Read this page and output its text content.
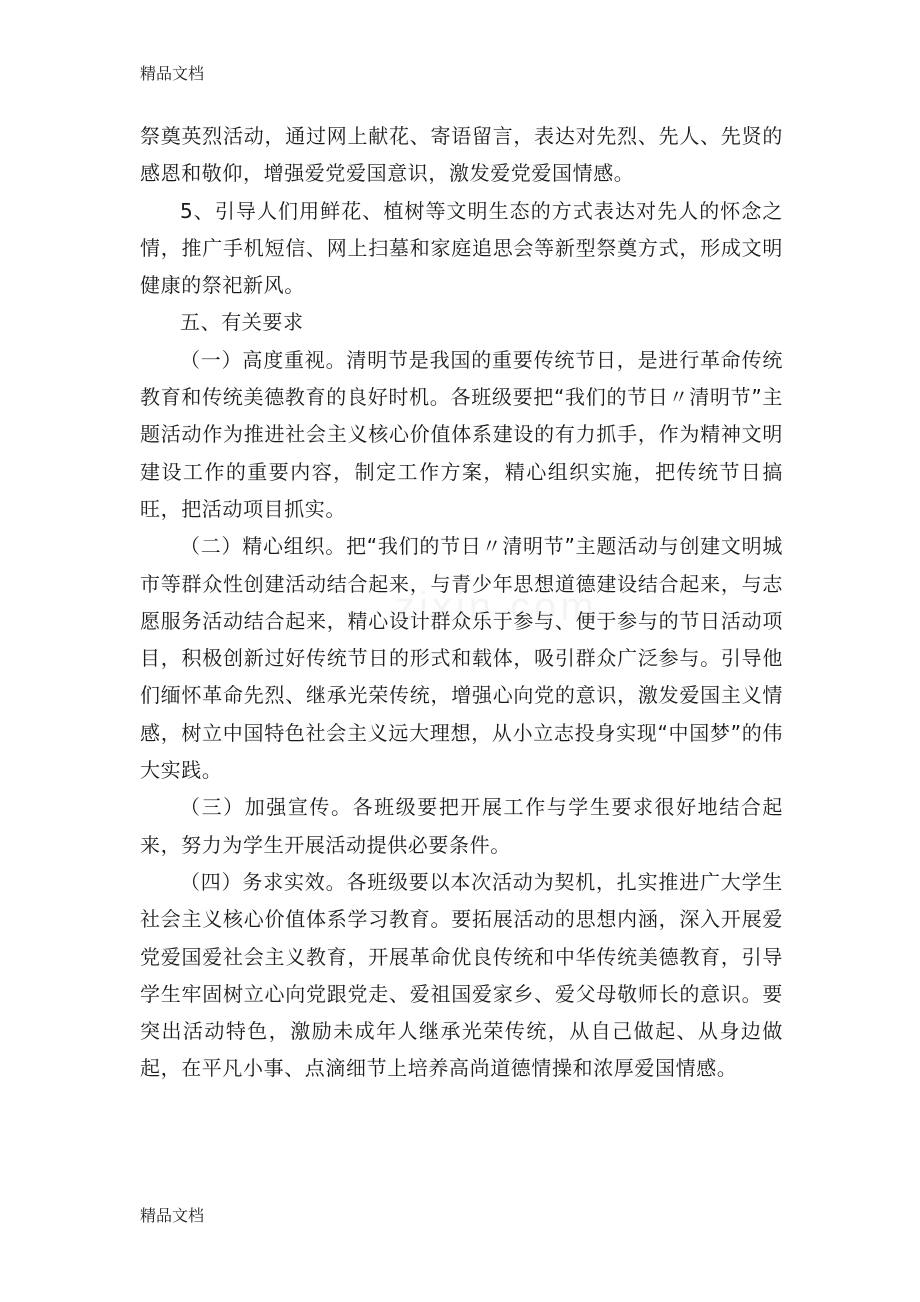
精品文档

祭奠英烈活动，通过网上献花、寄语留言，表达对先烈、先人、先贤的感恩和敬仰，增强爱党爱国意识，激发爱党爱国情感。

5、引导人们用鲜花、植树等文明生态的方式表达对先人的怀念之情，推广手机短信、网上扫墓和家庭追思会等新型祭奠方式，形成文明健康的祭祀新风。

五、有关要求

（一）高度重视。清明节是我国的重要传统节日，是进行革命传统教育和传统美德教育的良好时机。各班级要把“我们的节日〃清明节”主题活动作为推进社会主义核心价值体系建设的有力抓手，作为精神文明建设工作的重要内容，制定工作方案，精心组织实施，把传统节日搞旺，把活动项目抓实。

（二）精心组织。把“我们的节日〃清明节”主题活动与创建文明城市等群众性创建活动结合起来，与青少年思想道德建设结合起来，与志愿服务活动结合起来，精心设计群众乐于参与、便于参与的节日活动项目，积极创新过好传统节日的形式和载体，吸引群众广泛参与。引导他们缅怀革命先烈、继承光荣传统，增强心向党的意识，激发爱国主义情感，树立中国特色社会主义远大理想，从小立志投身实现“中国梦”的伟大实践。

（三）加强宣传。各班级要把开展工作与学生要求很好地结合起来，努力为学生开展活动提供必要条件。

（四）务求实效。各班级要以本次活动为契机，扎实推进广大学生社会主义核心价值体系学习教育。要拓展活动的思想内涵，深入开展爱党爱国爱社会主义教育，开展革命优良传统和中华传统美德教育，引导学生牢固树立心向党跟党走、爱祖国爱家乡、爱父母敬师长的意识。要突出活动特色，激励未成年人继承光荣传统，从自己做起、从身边做起，在平凡小事、点滴细节上培养高尚道德情操和浓厚爱国情感。

精品文档
